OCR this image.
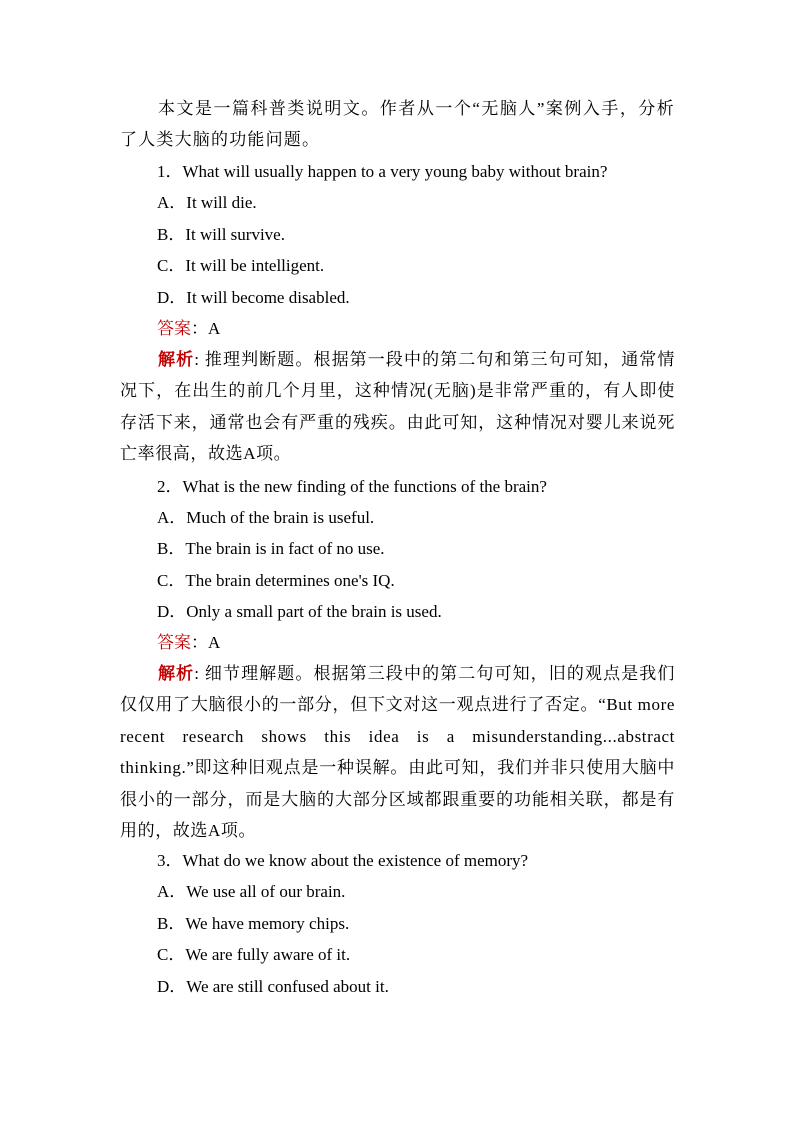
本文是一篇科普类说明文。作者从一个“无脑人”案例入手，分析了人类大脑的功能问题。

1．What will usually happen to a very young baby without brain?
A．It will die.
B．It will survive.
C．It will be intelligent.
D．It will become disabled.
答案：A

解析: 推理判断题。根据第一段中的第二句和第三句可知，通常情况下，在出生的前几个月里，这种情况(无脑)是非常严重的，有人即使存活下来，通常也会有严重的残疾。由此可知，这种情况对婴儿来说死亡率很高，故选A项。

2．What is the new finding of the functions of the brain?
A．Much of the brain is useful.
B．The brain is in fact of no use.
C．The brain determines one's IQ.
D．Only a small part of the brain is used.
答案：A

解析: 细节理解题。根据第三段中的第二句可知，旧的观点是我们仅仅用了大脑很小的一部分，但下文对这一观点进行了否定。“But more recent research shows this idea is a misunderstanding...abstract thinking.”即这种旧观点是一种误解。由此可知，我们并非只使用大脑中很小的一部分，而是大脑的大部分区域都跟重要的功能相关联，都是有用的，故选A项。

3．What do we know about the existence of memory?
A．We use all of our brain.
B．We have memory chips.
C．We are fully aware of it.
D．We are still confused about it.
